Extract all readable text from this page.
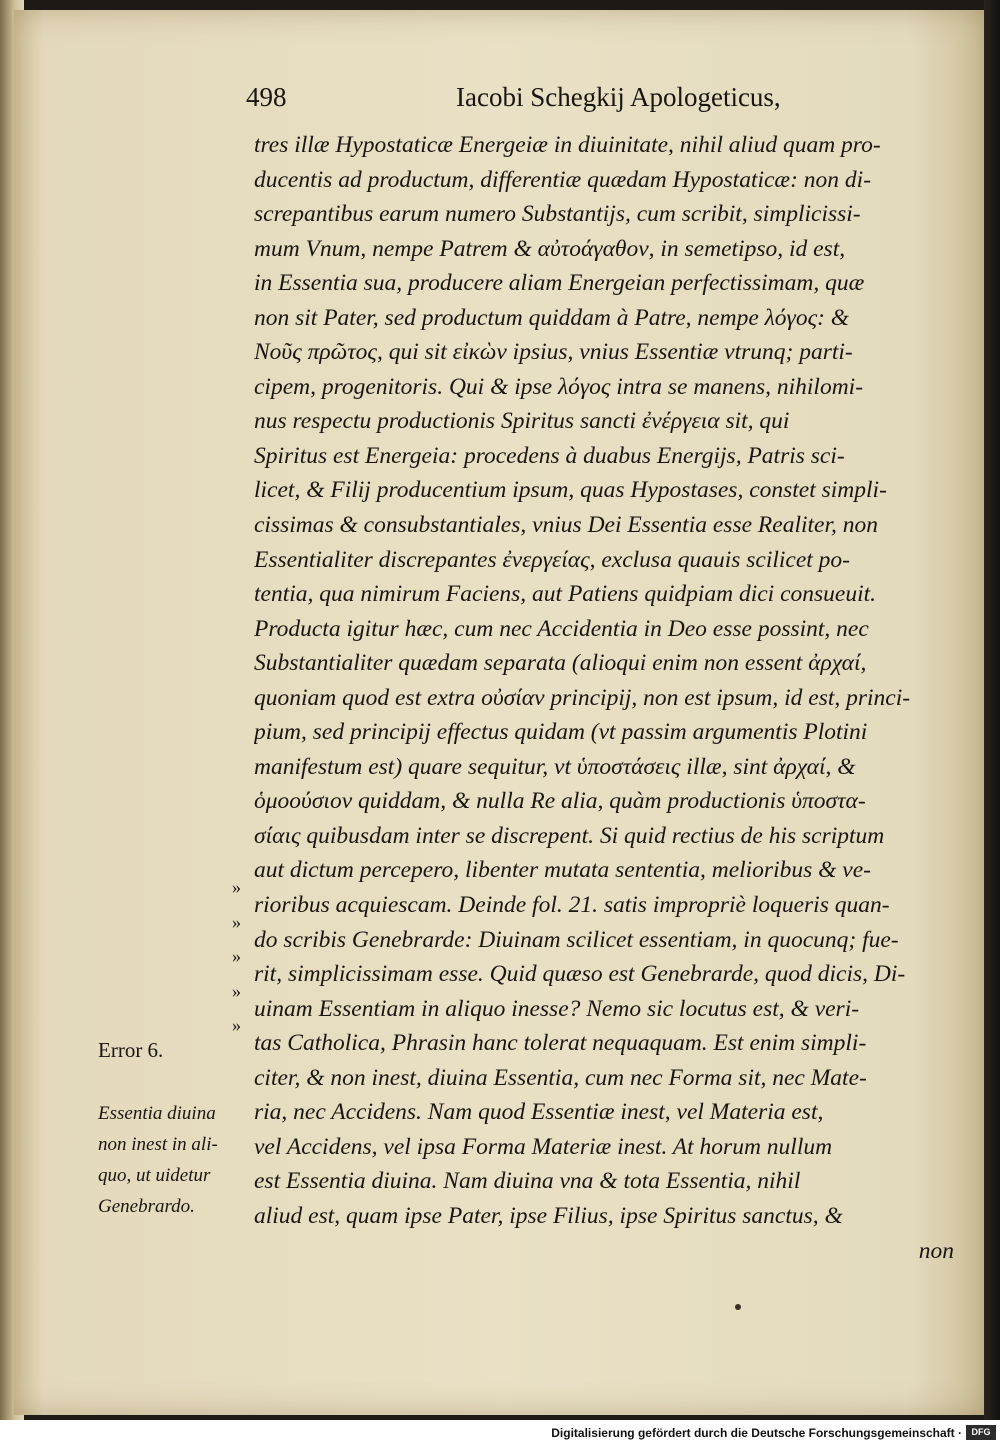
498	Iacobi Schegkij Apologeticus,
tres illæ Hypostaticæ Energeiæ in diuinitate, nihil aliud quam pro-
ducentis ad productum, differentiæ quædam Hypostaticæ: non di-
screpantibus earum numero Substantijs, cum scribit, simplicissi-
mum Vnum, nempe Patrem & αὐτοάγαθον, in semetipso, id est,
in Essentia sua, producere aliam Energeian perfectissimam, quæ
non sit Pater, sed productum quiddam à Patre, nempe λόγος: &
Νοῦς πρῶτος, qui sit εἰκὼν ipsius, vnius Essentiæ vtrunq; parti-
cipem, progenitoris. Qui & ipse λόγος intra se manens, nihilomi-
nus respectu productionis Spiritus sancti ἐνέργεια sit, qui
Spiritus est Energeia: procedens à duabus Energijs, Patris sci-
licet, & Filij producentium ipsum, quas Hypostases, constet simpli-
cissimas & consubstantiales, vnius Dei Essentia esse Realiter, non
Essentialiter discrepantes ἐνεργείας, exclusa quauis scilicet po-
tentia, qua nimirum Faciens, aut Patiens quidpiam dici consueuit.
Producta igitur hæc, cum nec Accidentia in Deo esse possint, nec
Substantialiter quædam separata (alioqui enim non essent ἀρχαί,
quoniam quod est extra οὐσίαν principij, non est ipsum, id est, princi-
pium, sed principij effectus quidam (vt passim argumentis Plotini
manifestum est) quare sequitur, vt ὑποστάσεις illæ, sint ἀρχαί, &
ὁμοούσιον quiddam, & nulla Re alia, quàm productionis ὑποστα-
σίαις quibusdam inter se discrepent. Si quid rectius de his scriptum
aut dictum percepero, libenter mutata sententia, melioribus & ve-
rioribus acquiescam. Deinde fol. 21. satis impropriè loqueris quan-
do scribis Genebrarde: Diuinam scilicet essentiam, in quocunq; fue-
rit, simplicissimam esse. Quid quæso est Genebrarde, quod dicis, Di-
uinam Essentiam in aliquo inesse? Nemo sic locutus est, & veri-
tas Catholica, Phrasin hanc tolerat nequaquam. Est enim simpli-
citer, & non inest, diuina Essentia, cum nec Forma sit, nec Mate-
ria, nec Accidens. Nam quod Essentiæ inest, vel Materia est,
vel Accidens, vel ipsa Forma Materiæ inest. At horum nullum
est Essentia diuina. Nam diuina vna & tota Essentia, nihil
aliud est, quam ipse Pater, ipse Filius, ipse Spiritus sanctus, &
non
»
»
»
»
»
Error 6.
Essentia diuina
non inest in ali-
quo, ut uidetur
Genebrardo.
Digitalisierung gefördert durch die Deutsche Forschungsgemeinschaft ·	DFG
